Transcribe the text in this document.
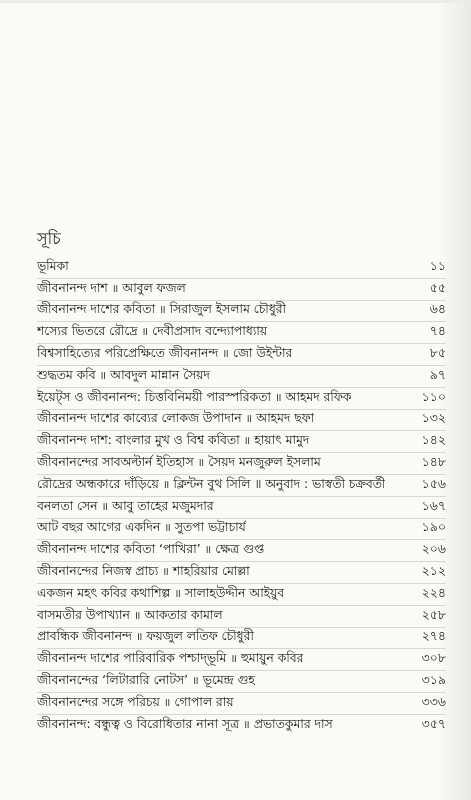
সূচি
ভূমিকা	১১
জীবনানন্দ দাশ ॥ আবুল ফজল	৫৫
জীবনানন্দ দাশের কবিতা ॥ সিরাজুল ইসলাম চৌধুরী	৬৪
শস্যের ভিতরে রৌদ্রে ॥ দেবীপ্রসাদ বন্দ্যোপাধ্যায়	৭৪
বিশ্বসাহিত্যের পরিপ্রেক্ষিতে জীবনানন্দ ॥ জো উইন্টার	৮৫
শুদ্ধতম কবি ॥ আবদুল মান্নান সৈয়দ	৯৭
ইয়েট্‌স ও জীবনানন্দ: চিত্তবিনিময়ী পারস্পরিকতা ॥ আহমদ রফিক	১১০
জীবনানন্দ দাশের কাব্যের লোকজ উপাদান ॥ আহমদ ছফা	১৩২
জীবনানন্দ দাশ: বাংলার মুখ ও বিশ্ব কবিতা ॥ হায়াৎ মামুদ	১৪২
জীবনানন্দের সাবঅল্টার্ন ইতিহাস ॥ সৈয়দ মনজুরুল ইসলাম	১৪৮
রৌদ্রের অন্ধকারে দাঁড়িয়ে ॥ ক্লিন্টন বুথ সিলি ॥ অনুবাদ : ভাস্বতী চক্রবর্তী	১৫৬
বনলতা সেন ॥ আবু তাহের মজুমদার	১৬৭
আট বছর আগের একদিন ॥ সুতপা ভট্টাচার্য	১৯০
জীবনানন্দ দাশের কবিতা ‘পাখিরা’ ॥ ক্ষেত্র গুপ্ত	২০৬
জীবনানন্দের নিজস্ব প্রাচ্য ॥ শাহরিয়ার মোল্লা	২১২
একজন মহৎ কবির কথাশিল্প ॥ সালাহউদ্দীন আইয়ুব	২২৪
বাসমতীর উপাখ্যান ॥ আকতার কামাল	২৫৮
প্রাবন্ধিক জীবনানন্দ ॥ ফয়জুল লতিফ চৌধুরী	২৭৪
জীবনানন্দ দাশের পারিবারিক পশ্চাদ্‌ভূমি ॥ হুমায়ুন কবির	৩০৮
জীবনানন্দের ‘লিটারারি নোটস’ ॥ ভূমেন্দ্র গুহ	৩১৯
জীবনানন্দের সঙ্গে পরিচয় ॥ গোপাল রায়	৩৩৬
জীবনানন্দ: বন্ধুত্ব ও বিরোধিতার নানা সূত্র ॥ প্রভাতকুমার দাস	৩৫৭
